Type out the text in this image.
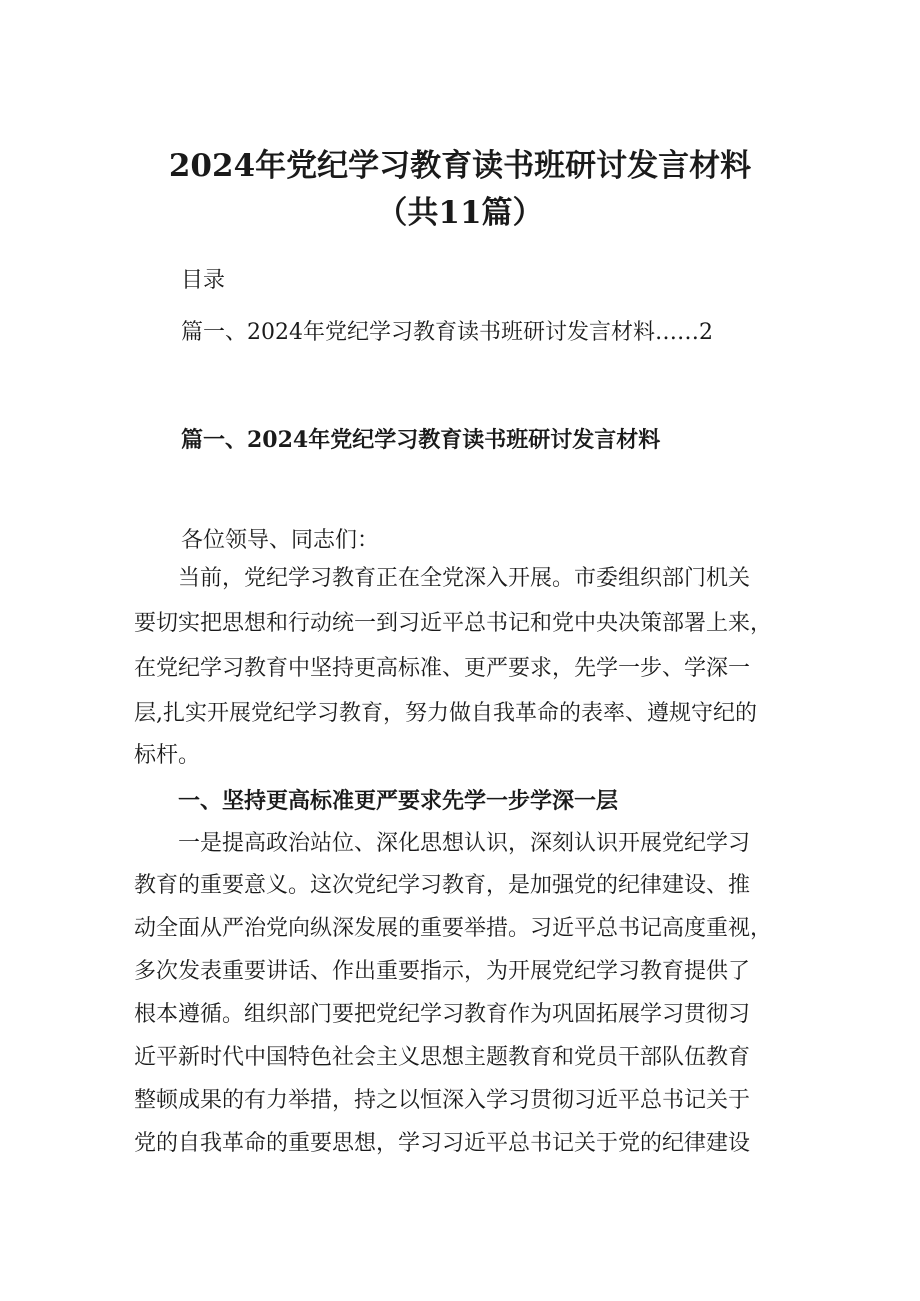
2024年党纪学习教育读书班研讨发言材料
（共11篇）
目录
篇一、2024年党纪学习教育读书班研讨发言材料……2
篇一、2024年党纪学习教育读书班研讨发言材料
各位领导、同志们：
　　当前，党纪学习教育正在全党深入开展。市委组织部门机关
要切实把思想和行动统一到习近平总书记和党中央决策部署上来，
在党纪学习教育中坚持更高标准、更严要求，先学一步、学深一
层,扎实开展党纪学习教育，努力做自我革命的表率、遵规守纪的
标杆。
　　一、坚持更高标准更严要求先学一步学深一层
　　一是提高政治站位、深化思想认识，深刻认识开展党纪学习
教育的重要意义。这次党纪学习教育，是加强党的纪律建设、推
动全面从严治党向纵深发展的重要举措。习近平总书记高度重视，
多次发表重要讲话、作出重要指示，为开展党纪学习教育提供了
根本遵循。组织部门要把党纪学习教育作为巩固拓展学习贯彻习
近平新时代中国特色社会主义思想主题教育和党员干部队伍教育
整顿成果的有力举措，持之以恒深入学习贯彻习近平总书记关于
党的自我革命的重要思想，学习习近平总书记关于党的纪律建设
